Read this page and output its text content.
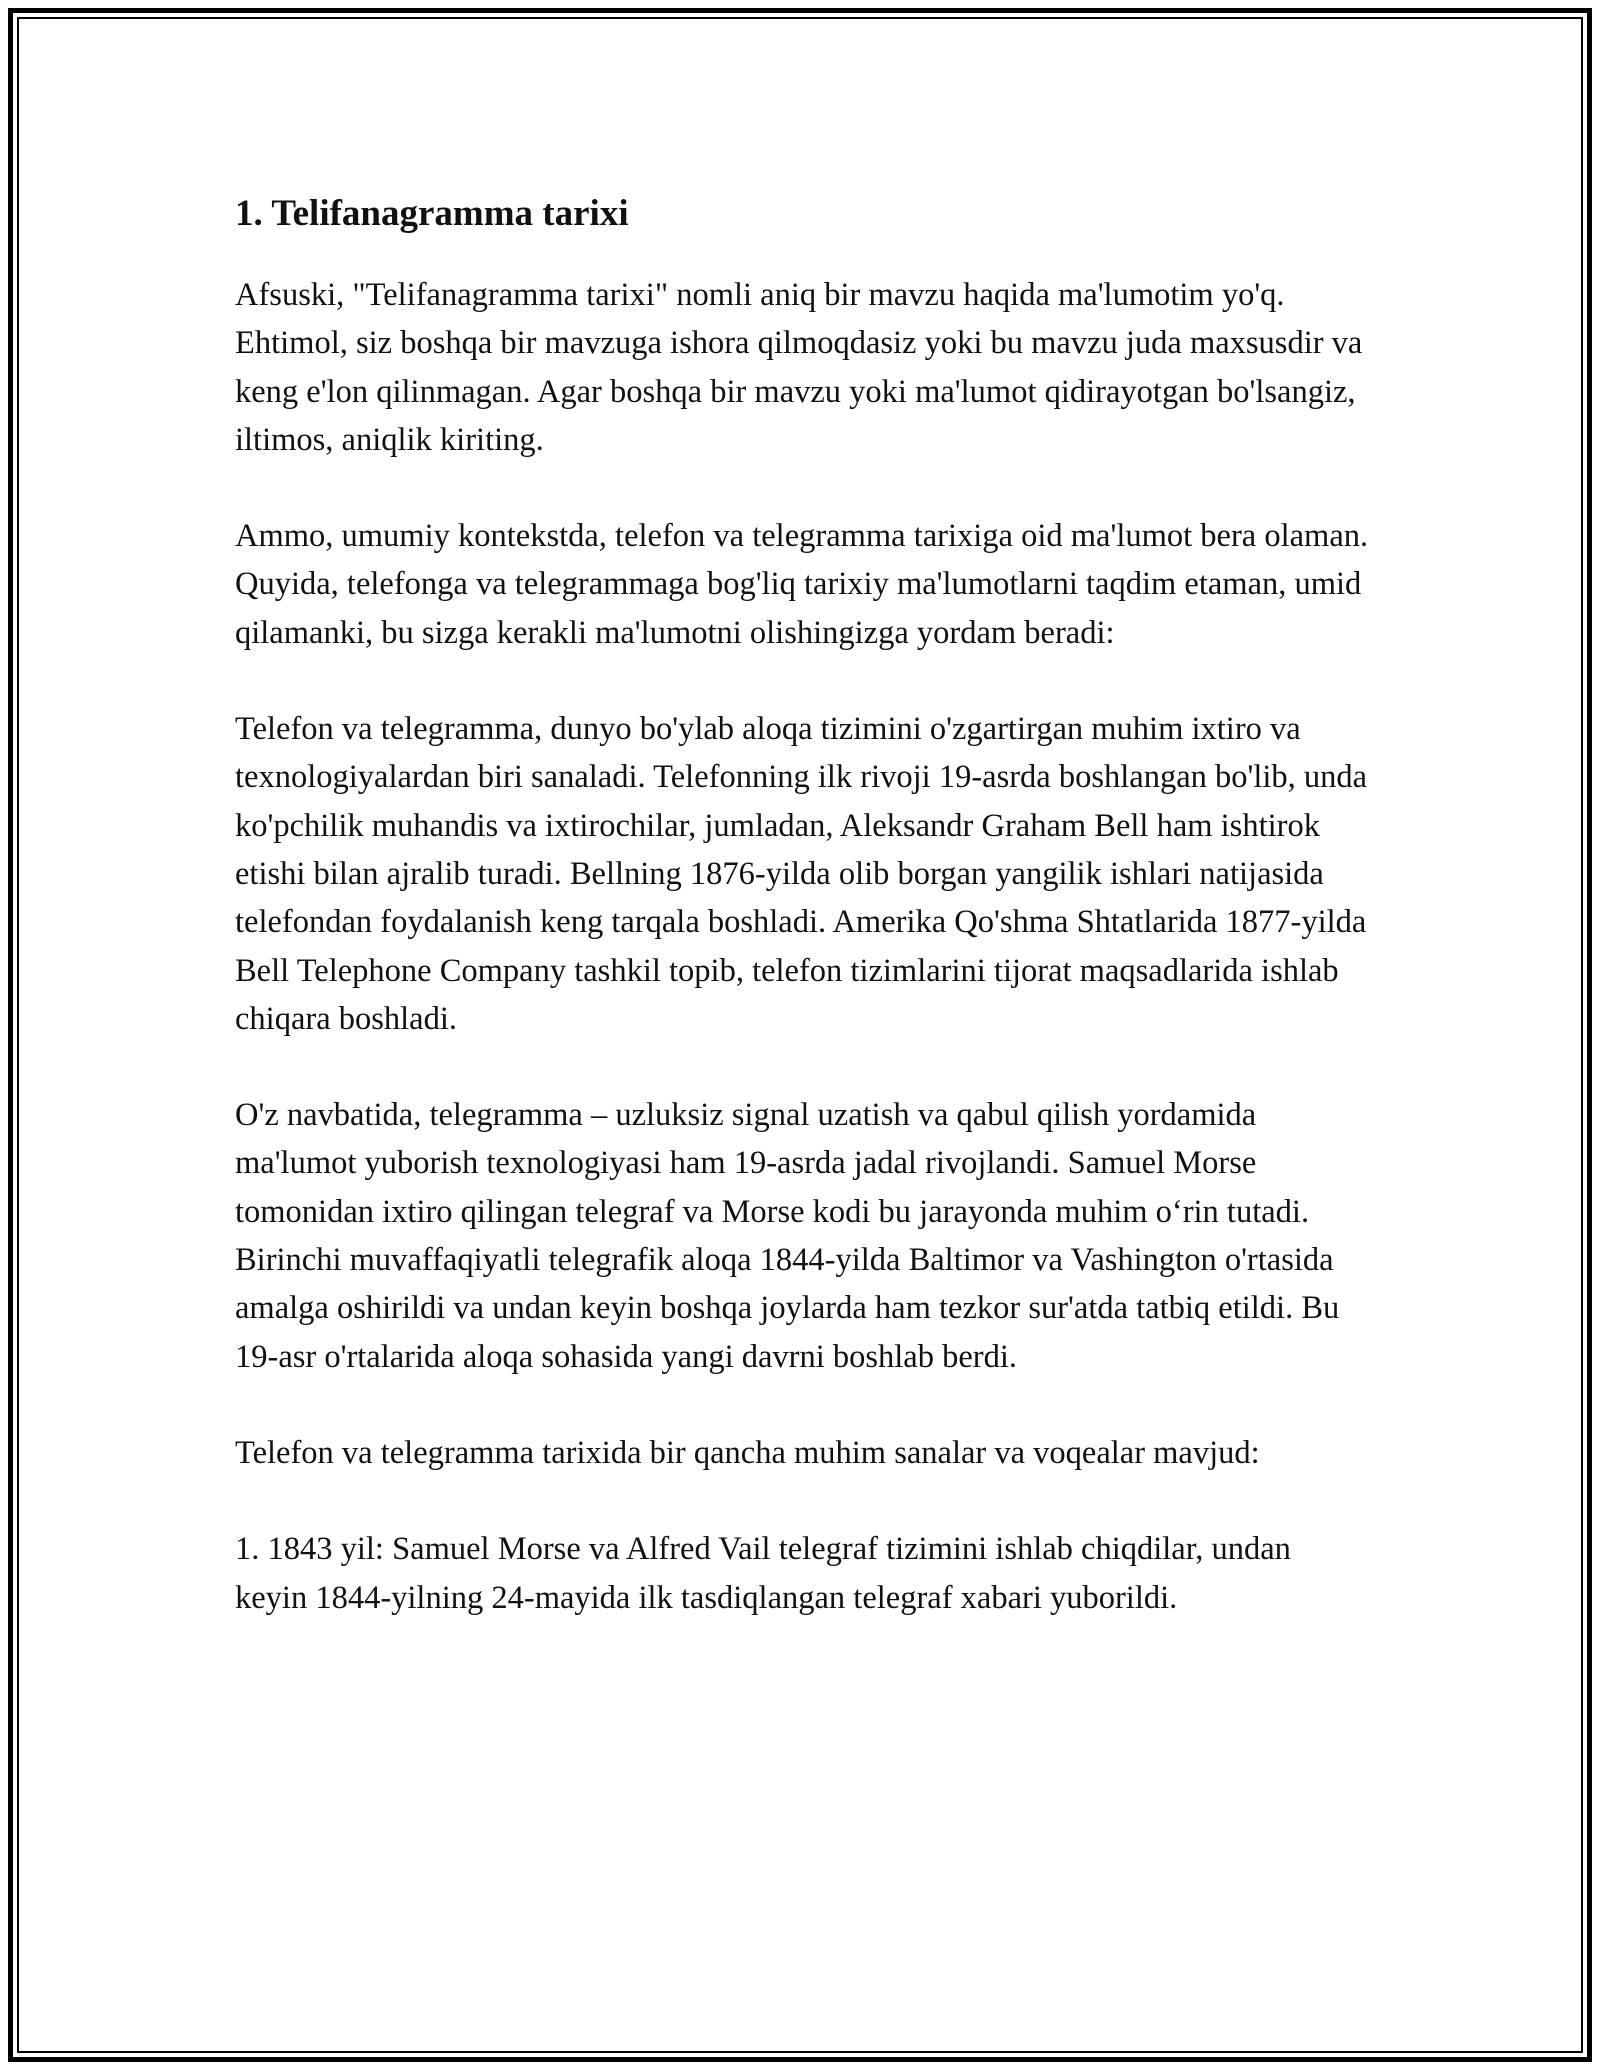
1. Telifanagramma tarixi

Afsuski, "Telifanagramma tarixi" nomli aniq bir mavzu haqida ma'lumotim yo'q. Ehtimol, siz boshqa bir mavzuga ishora qilmoqdasiz yoki bu mavzu juda maxsusdir va keng e'lon qilinmagan. Agar boshqa bir mavzu yoki ma'lumot qidirayotgan bo'lsangiz, iltimos, aniqlik kiriting.

Ammo, umumiy kontekstda, telefon va telegramma tarixiga oid ma'lumot bera olaman. Quyida, telefonga va telegrammaga bog'liq tarixiy ma'lumotlarni taqdim etaman, umid qilamanki, bu sizga kerakli ma'lumotni olishingizga yordam beradi:

Telefon va telegramma, dunyo bo'ylab aloqa tizimini o'zgartirgan muhim ixtiro va texnologiyalardan biri sanaladi. Telefonning ilk rivoji 19-asrda boshlangan bo'lib, unda ko'pchilik muhandis va ixtirochilar, jumladan, Aleksandr Graham Bell ham ishtirok etishi bilan ajralib turadi. Bellning 1876-yilda olib borgan yangilik ishlari natijasida telefondan foydalanish keng tarqala boshladi. Amerika Qo'shma Shtatlarida 1877-yilda Bell Telephone Company tashkil topib, telefon tizimlarini tijorat maqsadlarida ishlab chiqara boshladi.

O'z navbatida, telegramma – uzluksiz signal uzatish va qabul qilish yordamida ma'lumot yuborish texnologiyasi ham 19-asrda jadal rivojlandi. Samuel Morse tomonidan ixtiro qilingan telegraf va Morse kodi bu jarayonda muhim o‘rin tutadi. Birinchi muvaffaqiyatli telegrafik aloqa 1844-yilda Baltimor va Vashington o'rtasida amalga oshirildi va undan keyin boshqa joylarda ham tezkor sur'atda tatbiq etildi. Bu 19-asr o'rtalarida aloqa sohasida yangi davrni boshlab berdi.

Telefon va telegramma tarixida bir qancha muhim sanalar va voqealar mavjud:

1. 1843 yil: Samuel Morse va Alfred Vail telegraf tizimini ishlab chiqdilar, undan keyin 1844-yilning 24-mayida ilk tasdiqlangan telegraf xabari yuborildi.
